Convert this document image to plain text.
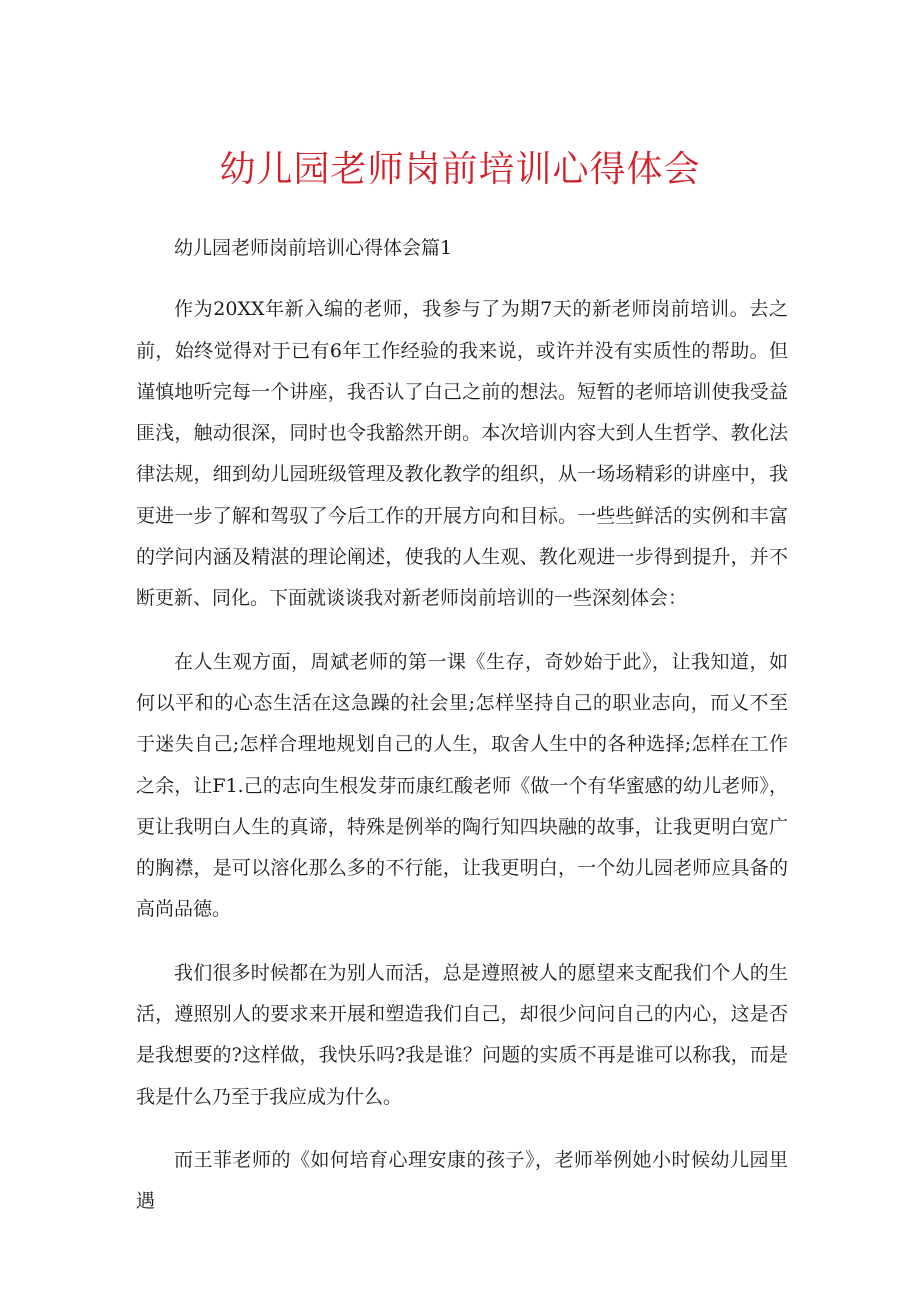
幼儿园老师岗前培训心得体会

幼儿园老师岗前培训心得体会篇1

作为20XX年新入编的老师，我参与了为期7天的新老师岗前培训。去之前，始终觉得对于已有6年工作经验的我来说，或许并没有实质性的帮助。但谨慎地听完每一个讲座，我否认了白己之前的想法。短暂的老师培训使我受益匪浅，触动很深，同时也令我豁然开朗。本次培训内容大到人生哲学、教化法律法规，细到幼儿园班级管理及教化教学的组织，从一场场精彩的讲座中，我更进一步了解和驾驭了今后工作的开展方向和目标。一些些鲜活的实例和丰富的学问内涵及精湛的理论阐述，使我的人生观、教化观进一步得到提升，并不断更新、同化。下面就谈谈我对新老师岗前培训的一些深刻体会：

在人生观方面，周斌老师的第一课《生存，奇妙始于此》，让我知道，如何以平和的心态生活在这急躁的社会里;怎样坚持自己的职业志向，而乂不至于迷失自己;怎样合理地规划自己的人生，取舍人生中的各种选择;怎样在工作之余，让F1.己的志向生根发芽而康红酸老师《做一个有华蜜感的幼儿老师》，更让我明白人生的真谛，特殊是例举的陶行知四块融的故事，让我更明白宽广的胸襟，是可以溶化那么多的不行能，让我更明白，一个幼儿园老师应具备的高尚品德。

我们很多时候都在为别人而活，总是遵照被人的愿望来支配我们个人的生活，遵照别人的要求来开展和塑造我们自己，却很少问问自己的内心，这是否是我想要的?这样做，我快乐吗?我是谁？问题的实质不再是谁可以称我，而是我是什么乃至于我应成为什么。

而王菲老师的《如何培育心理安康的孩子》，老师举例她小时候幼儿园里遇
